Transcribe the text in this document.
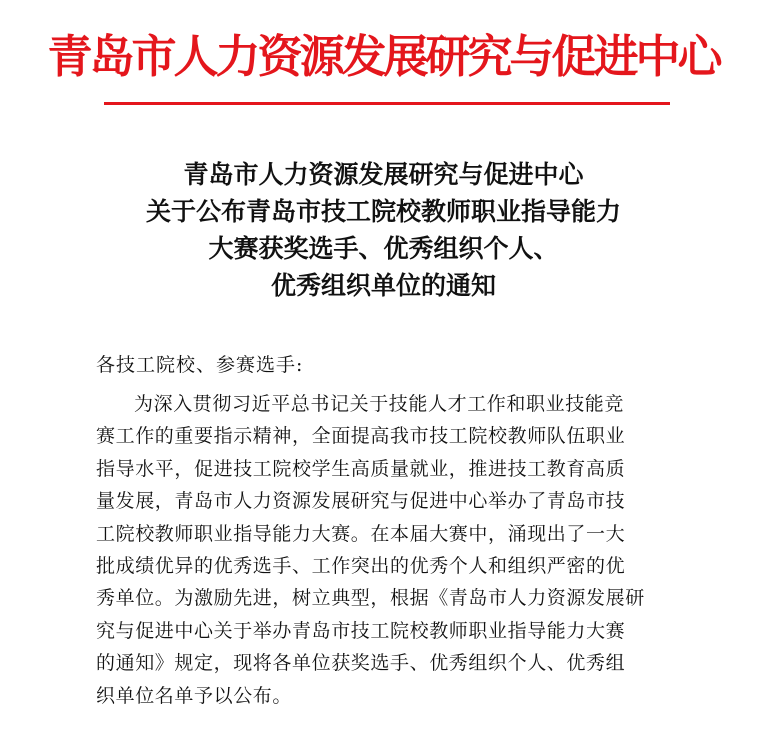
青岛市人力资源发展研究与促进中心
青岛市人力资源发展研究与促进中心
关于公布青岛市技工院校教师职业指导能力
大赛获奖选手、优秀组织个人、
优秀组织单位的通知
各技工院校、参赛选手:
为深入贯彻习近平总书记关于技能人才工作和职业技能竞
赛工作的重要指示精神，全面提高我市技工院校教师队伍职业
指导水平，促进技工院校学生高质量就业，推进技工教育高质
量发展，青岛市人力资源发展研究与促进中心举办了青岛市技
工院校教师职业指导能力大赛。在本届大赛中，涌现出了一大
批成绩优异的优秀选手、工作突出的优秀个人和组织严密的优
秀单位。为激励先进，树立典型，根据《青岛市人力资源发展研
究与促进中心关于举办青岛市技工院校教师职业指导能力大赛
的通知》规定，现将各单位获奖选手、优秀组织个人、优秀组
织单位名单予以公布。
